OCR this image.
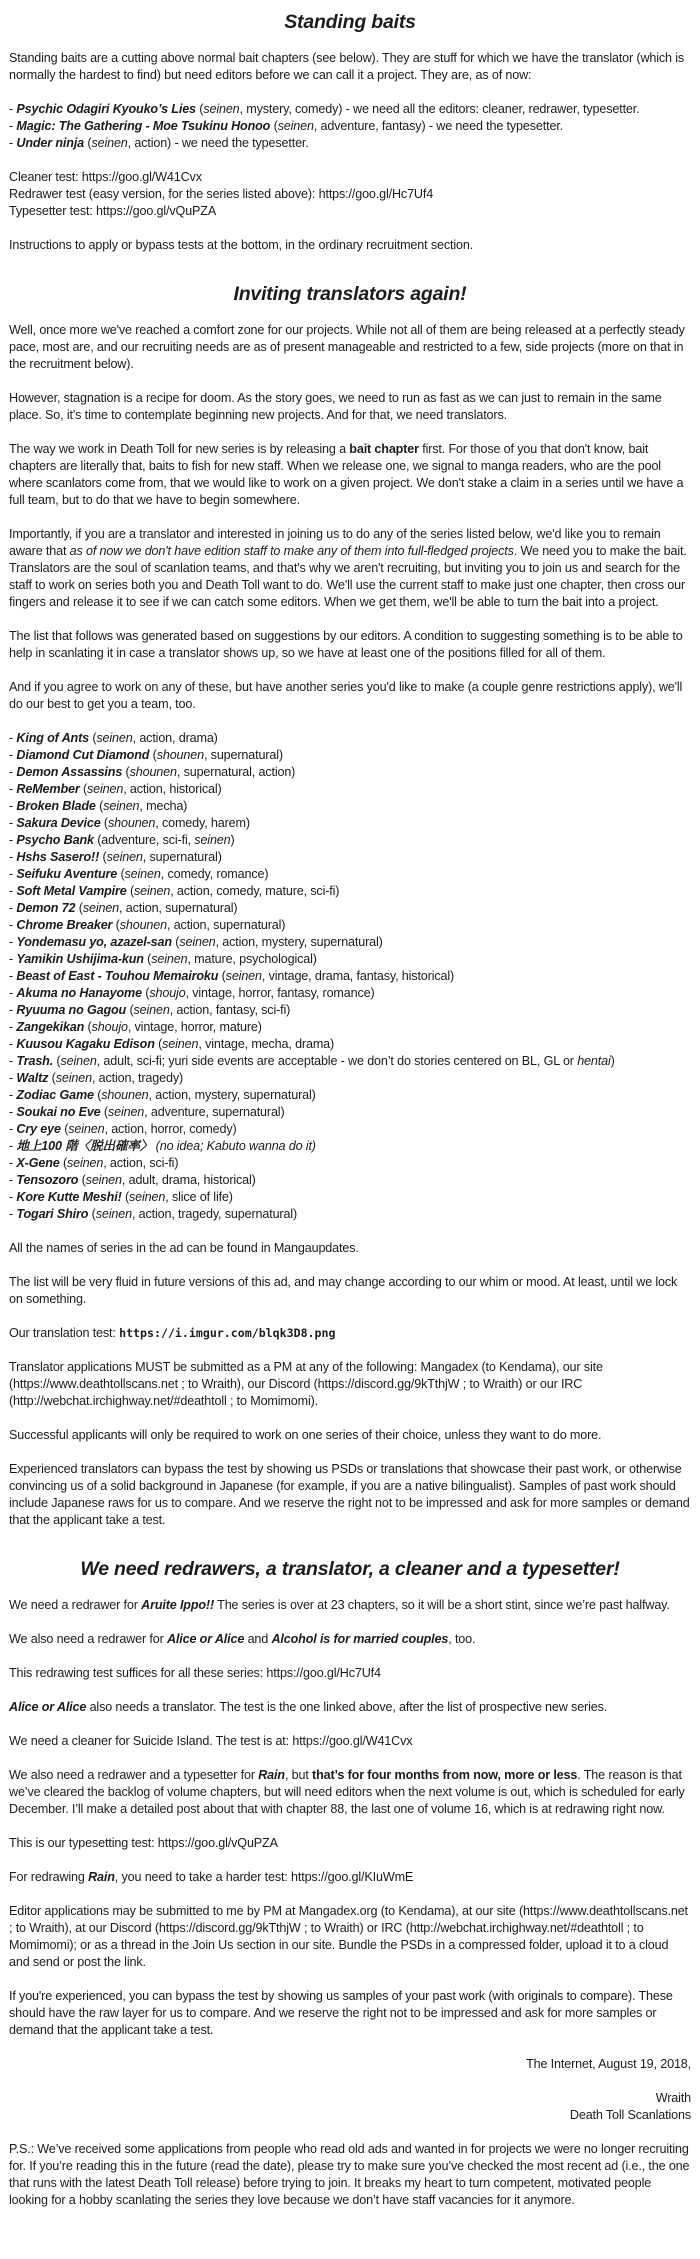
Standing baits

Standing baits are a cutting above normal bait chapters (see below). They are stuff for which we have the translator (which is normally the hardest to find) but need editors before we can call it a project. They are, as of now:

- Psychic Odagiri Kyouko’s Lies (seinen, mystery, comedy) - we need all the editors: cleaner, redrawer, typesetter.
- Magic: The Gathering - Moe Tsukinu Honoo (seinen, adventure, fantasy) - we need the typesetter.
- Under ninja (seinen, action) - we need the typesetter.
Cleaner test: https://goo.gl/W41Cvx
Redrawer test (easy version, for the series listed above): https://goo.gl/Hc7Uf4
Typesetter test: https://goo.gl/vQuPZA

Instructions to apply or bypass tests at the bottom, in the ordinary recruitment section.

Inviting translators again!

Well, once more we've reached a comfort zone for our projects. While not all of them are being released at a perfectly steady pace, most are, and our recruiting needs are as of present manageable and restricted to a few, side projects (more on that in the recruitment below).

However, stagnation is a recipe for doom. As the story goes, we need to run as fast as we can just to remain in the same place. So, it's time to contemplate beginning new projects. And for that, we need translators.

The way we work in Death Toll for new series is by releasing a bait chapter first. For those of you that don't know, bait chapters are literally that, baits to fish for new staff. When we release one, we signal to manga readers, who are the pool where scanlators come from, that we would like to work on a given project. We don't stake a claim in a series until we have a full team, but to do that we have to begin somewhere.

Importantly, if you are a translator and interested in joining us to do any of the series listed below, we'd like you to remain aware that as of now we don't have edition staff to make any of them into full-fledged projects. We need you to make the bait. Translators are the soul of scanlation teams, and that's why we aren't recruiting, but inviting you to join us and search for the staff to work on series both you and Death Toll want to do. We'll use the current staff to make just one chapter, then cross our fingers and release it to see if we can catch some editors. When we get them, we'll be able to turn the bait into a project.

The list that follows was generated based on suggestions by our editors. A condition to suggesting something is to be able to help in scanlating it in case a translator shows up, so we have at least one of the positions filled for all of them.

And if you agree to work on any of these, but have another series you'd like to make (a couple genre restrictions apply), we'll do our best to get you a team, too.

- King of Ants (seinen, action, drama)
- Diamond Cut Diamond (shounen, supernatural)
- Demon Assassins (shounen, supernatural, action)
- ReMember (seinen, action, historical)
- Broken Blade (seinen, mecha)
- Sakura Device (shounen, comedy, harem)
- Psycho Bank (adventure, sci-fi, seinen)
- Hshs Sasero!! (seinen, supernatural)
- Seifuku Aventure (seinen, comedy, romance)
- Soft Metal Vampire (seinen, action, comedy, mature, sci-fi)
- Demon 72 (seinen, action, supernatural)
- Chrome Breaker (shounen, action, supernatural)
- Yondemasu yo, azazel-san (seinen, action, mystery, supernatural)
- Yamikin Ushijima-kun (seinen, mature, psychological)
- Beast of East - Touhou Memairoku (seinen, vintage, drama, fantasy, historical)
- Akuma no Hanayome (shoujo, vintage, horror, fantasy, romance)
- Ryuuma no Gagou (seinen, action, fantasy, sci-fi)
- Zangekikan (shoujo, vintage, horror, mature)
- Kuusou Kagaku Edison (seinen, vintage, mecha, drama)
- Trash. (seinen, adult, sci-fi; yuri side events are acceptable - we don’t do stories centered on BL, GL or hentai)
- Waltz (seinen, action, tragedy)
- Zodiac Game (shounen, action, mystery, supernatural)
- Soukai no Eve (seinen, adventure, supernatural)
- Cry eye (seinen, action, horror, comedy)
- 地上100 階〈脱出確率〉 (no idea; Kabuto wanna do it)
- X-Gene (seinen, action, sci-fi)
- Tensozoro (seinen, adult, drama, historical)
- Kore Kutte Meshi! (seinen, slice of life)
- Togari Shiro (seinen, action, tragedy, supernatural)

All the names of series in the ad can be found in Mangaupdates.

The list will be very fluid in future versions of this ad, and may change according to our whim or mood. At least, until we lock on something.

Our translation test: https://i.imgur.com/blqk3D8.png

Translator applications MUST be submitted as a PM at any of the following: Mangadex (to Kendama), our site (https://www.deathtollscans.net ; to Wraith), our Discord (https://discord.gg/9kTthjW ; to Wraith) or our IRC (http://webchat.irchighway.net/#deathtoll ; to Momimomi).

Successful applicants will only be required to work on one series of their choice, unless they want to do more.

Experienced translators can bypass the test by showing us PSDs or translations that showcase their past work, or otherwise convincing us of a solid background in Japanese (for example, if you are a native bilingualist). Samples of past work should include Japanese raws for us to compare. And we reserve the right not to be impressed and ask for more samples or demand that the applicant take a test.

We need redrawers, a translator, a cleaner and a typesetter!

We need a redrawer for Aruite Ippo!! The series is over at 23 chapters, so it will be a short stint, since we’re past halfway.

We also need a redrawer for Alice or Alice and Alcohol is for married couples, too.

This redrawing test suffices for all these series: https://goo.gl/Hc7Uf4

Alice or Alice also needs a translator. The test is the one linked above, after the list of prospective new series.

We need a cleaner for Suicide Island. The test is at: https://goo.gl/W41Cvx

We also need a redrawer and a typesetter for Rain, but that’s for four months from now, more or less. The reason is that we’ve cleared the backlog of volume chapters, but will need editors when the next volume is out, which is scheduled for early December. I’ll make a detailed post about that with chapter 88, the last one of volume 16, which is at redrawing right now.

This is our typesetting test: https://goo.gl/vQuPZA

For redrawing Rain, you need to take a harder test: https://goo.gl/KIuWmE

Editor applications may be submitted to me by PM at Mangadex.org (to Kendama), at our site (https://www.deathtollscans.net ; to Wraith), at our Discord (https://discord.gg/9kTthjW ; to Wraith) or IRC (http://webchat.irchighway.net/#deathtoll ; to Momimomi); or as a thread in the Join Us section in our site. Bundle the PSDs in a compressed folder, upload it to a cloud and send or post the link.

If you're experienced, you can bypass the test by showing us samples of your past work (with originals to compare). These should have the raw layer for us to compare. And we reserve the right not to be impressed and ask for more samples or demand that the applicant take a test.

The Internet, August 19, 2018,

Wraith
Death Toll Scanlations

P.S.: We’ve received some applications from people who read old ads and wanted in for projects we were no longer recruiting for. If you’re reading this in the future (read the date), please try to make sure you’ve checked the most recent ad (i.e., the one that runs with the latest Death Toll release) before trying to join. It breaks my heart to turn competent, motivated people looking for a hobby scanlating the series they love because we don’t have staff vacancies for it anymore.
